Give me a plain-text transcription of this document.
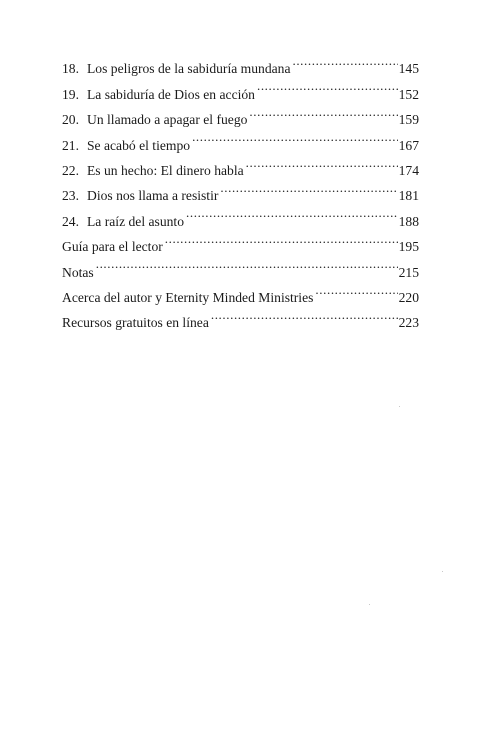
18. Los peligros de la sabiduría mundana .....	145
19. La sabiduría de Dios en acción .....	152
20. Un llamado a apagar el fuego .....	159
21. Se acabó el tiempo .....	167
22. Es un hecho: El dinero habla .....	174
23. Dios nos llama a resistir .....	181
24. La raíz del asunto .....	188
Guía para el lector .....	195
Notas .....	215
Acerca del autor y Eternity Minded Ministries .....	220
Recursos gratuitos en línea .....	223
